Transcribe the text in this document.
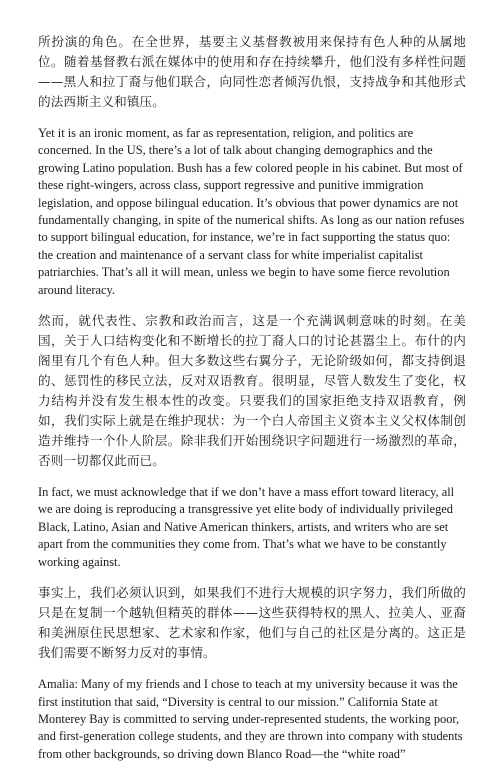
所扮演的角色。在全世界，基要主义基督教被用来保持有色人种的从属地位。随着基督教右派在媒体中的使用和存在持续攀升，他们没有多样性问题——黑人和拉丁裔与他们联合，向同性恋者倾泻仇恨，支持战争和其他形式的法西斯主义和镇压。

Yet it is an ironic moment, as far as representation, religion, and politics are concerned. In the US, there’s a lot of talk about changing demographics and the growing Latino population. Bush has a few colored people in his cabinet. But most of these right-wingers, across class, support regressive and punitive immigration legislation, and oppose bilingual education. It’s obvious that power dynamics are not fundamentally changing, in spite of the numerical shifts. As long as our nation refuses to support bilingual education, for instance, we’re in fact supporting the status quo: the creation and maintenance of a servant class for white imperialist capitalist patriarchies. That’s all it will mean, unless we begin to have some fierce revolution around literacy.

然而，就代表性、宗教和政治而言，这是一个充满讽刺意味的时刻。在美国，关于人口结构变化和不断增长的拉丁裔人口的讨论甚嚣尘上。布什的内阁里有几个有色人种。但大多数这些右翼分子，无论阶级如何，都支持倒退的、惩罚性的移民立法，反对双语教育。很明显，尽管人数发生了变化，权力结构并没有发生根本性的改变。只要我们的国家拒绝支持双语教育，例如，我们实际上就是在维护现状：为一个白人帝国主义资本主义父权体制创造并维持一个仆人阶层。除非我们开始围绕识字问题进行一场激烈的革命，否则一切都仅此而已。

In fact, we must acknowledge that if we don’t have a mass effort toward literacy, all we are doing is reproducing a transgressive yet elite body of individually privileged Black, Latino, Asian and Native American thinkers, artists, and writers who are set apart from the communities they come from. That’s what we have to be constantly working against.

事实上，我们必须认识到，如果我们不进行大规模的识字努力，我们所做的只是在复制一个越轨但精英的群体——这些获得特权的黑人、拉美人、亚裔和美洲原住民思想家、艺术家和作家，他们与自己的社区是分离的。这正是我们需要不断努力反对的事情。

Amalia: Many of my friends and I chose to teach at my university because it was the first institution that said, “Diversity is central to our mission.” California State at Monterey Bay is committed to serving under-represented students, the working poor, and first-generation college students, and they are thrown into company with students from other backgrounds, so driving down Blanco Road—the “white road”
